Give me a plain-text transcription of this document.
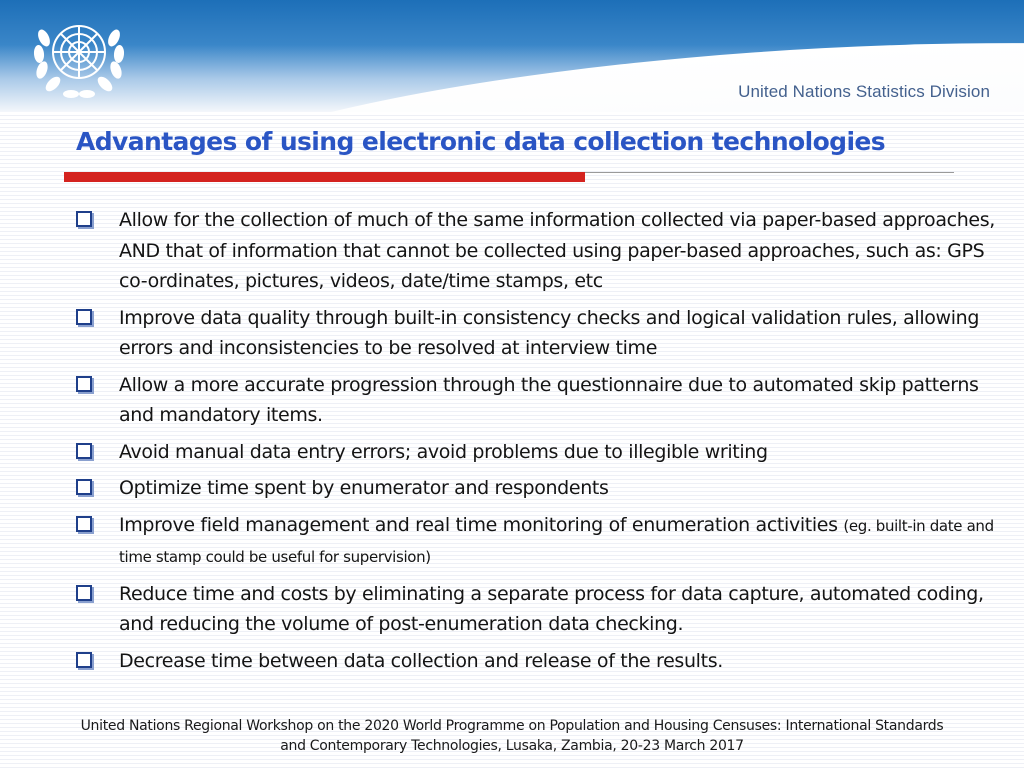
United Nations Statistics Division
Advantages of using electronic data collection technologies
Allow for the collection of much of the same information collected via paper-based approaches, AND that of information that cannot be collected using paper-based approaches, such as: GPS co-ordinates, pictures, videos, date/time stamps, etc
Improve data quality through built-in consistency checks and logical validation rules, allowing errors and inconsistencies to be resolved at interview time
Allow a more accurate progression through the questionnaire due to automated skip patterns and mandatory items.
Avoid manual data entry errors; avoid problems due to illegible writing
Optimize time spent by enumerator and respondents
Improve field management and real time monitoring of enumeration activities (eg. built-in date and time stamp could be useful for supervision)
Reduce time and costs by eliminating a separate process for data capture, automated coding, and reducing the volume of post-enumeration data checking.
Decrease time between data collection and release of the results.
United Nations Regional Workshop on the 2020 World Programme on Population and Housing Censuses: International Standards
and Contemporary Technologies, Lusaka, Zambia, 20-23 March 2017
